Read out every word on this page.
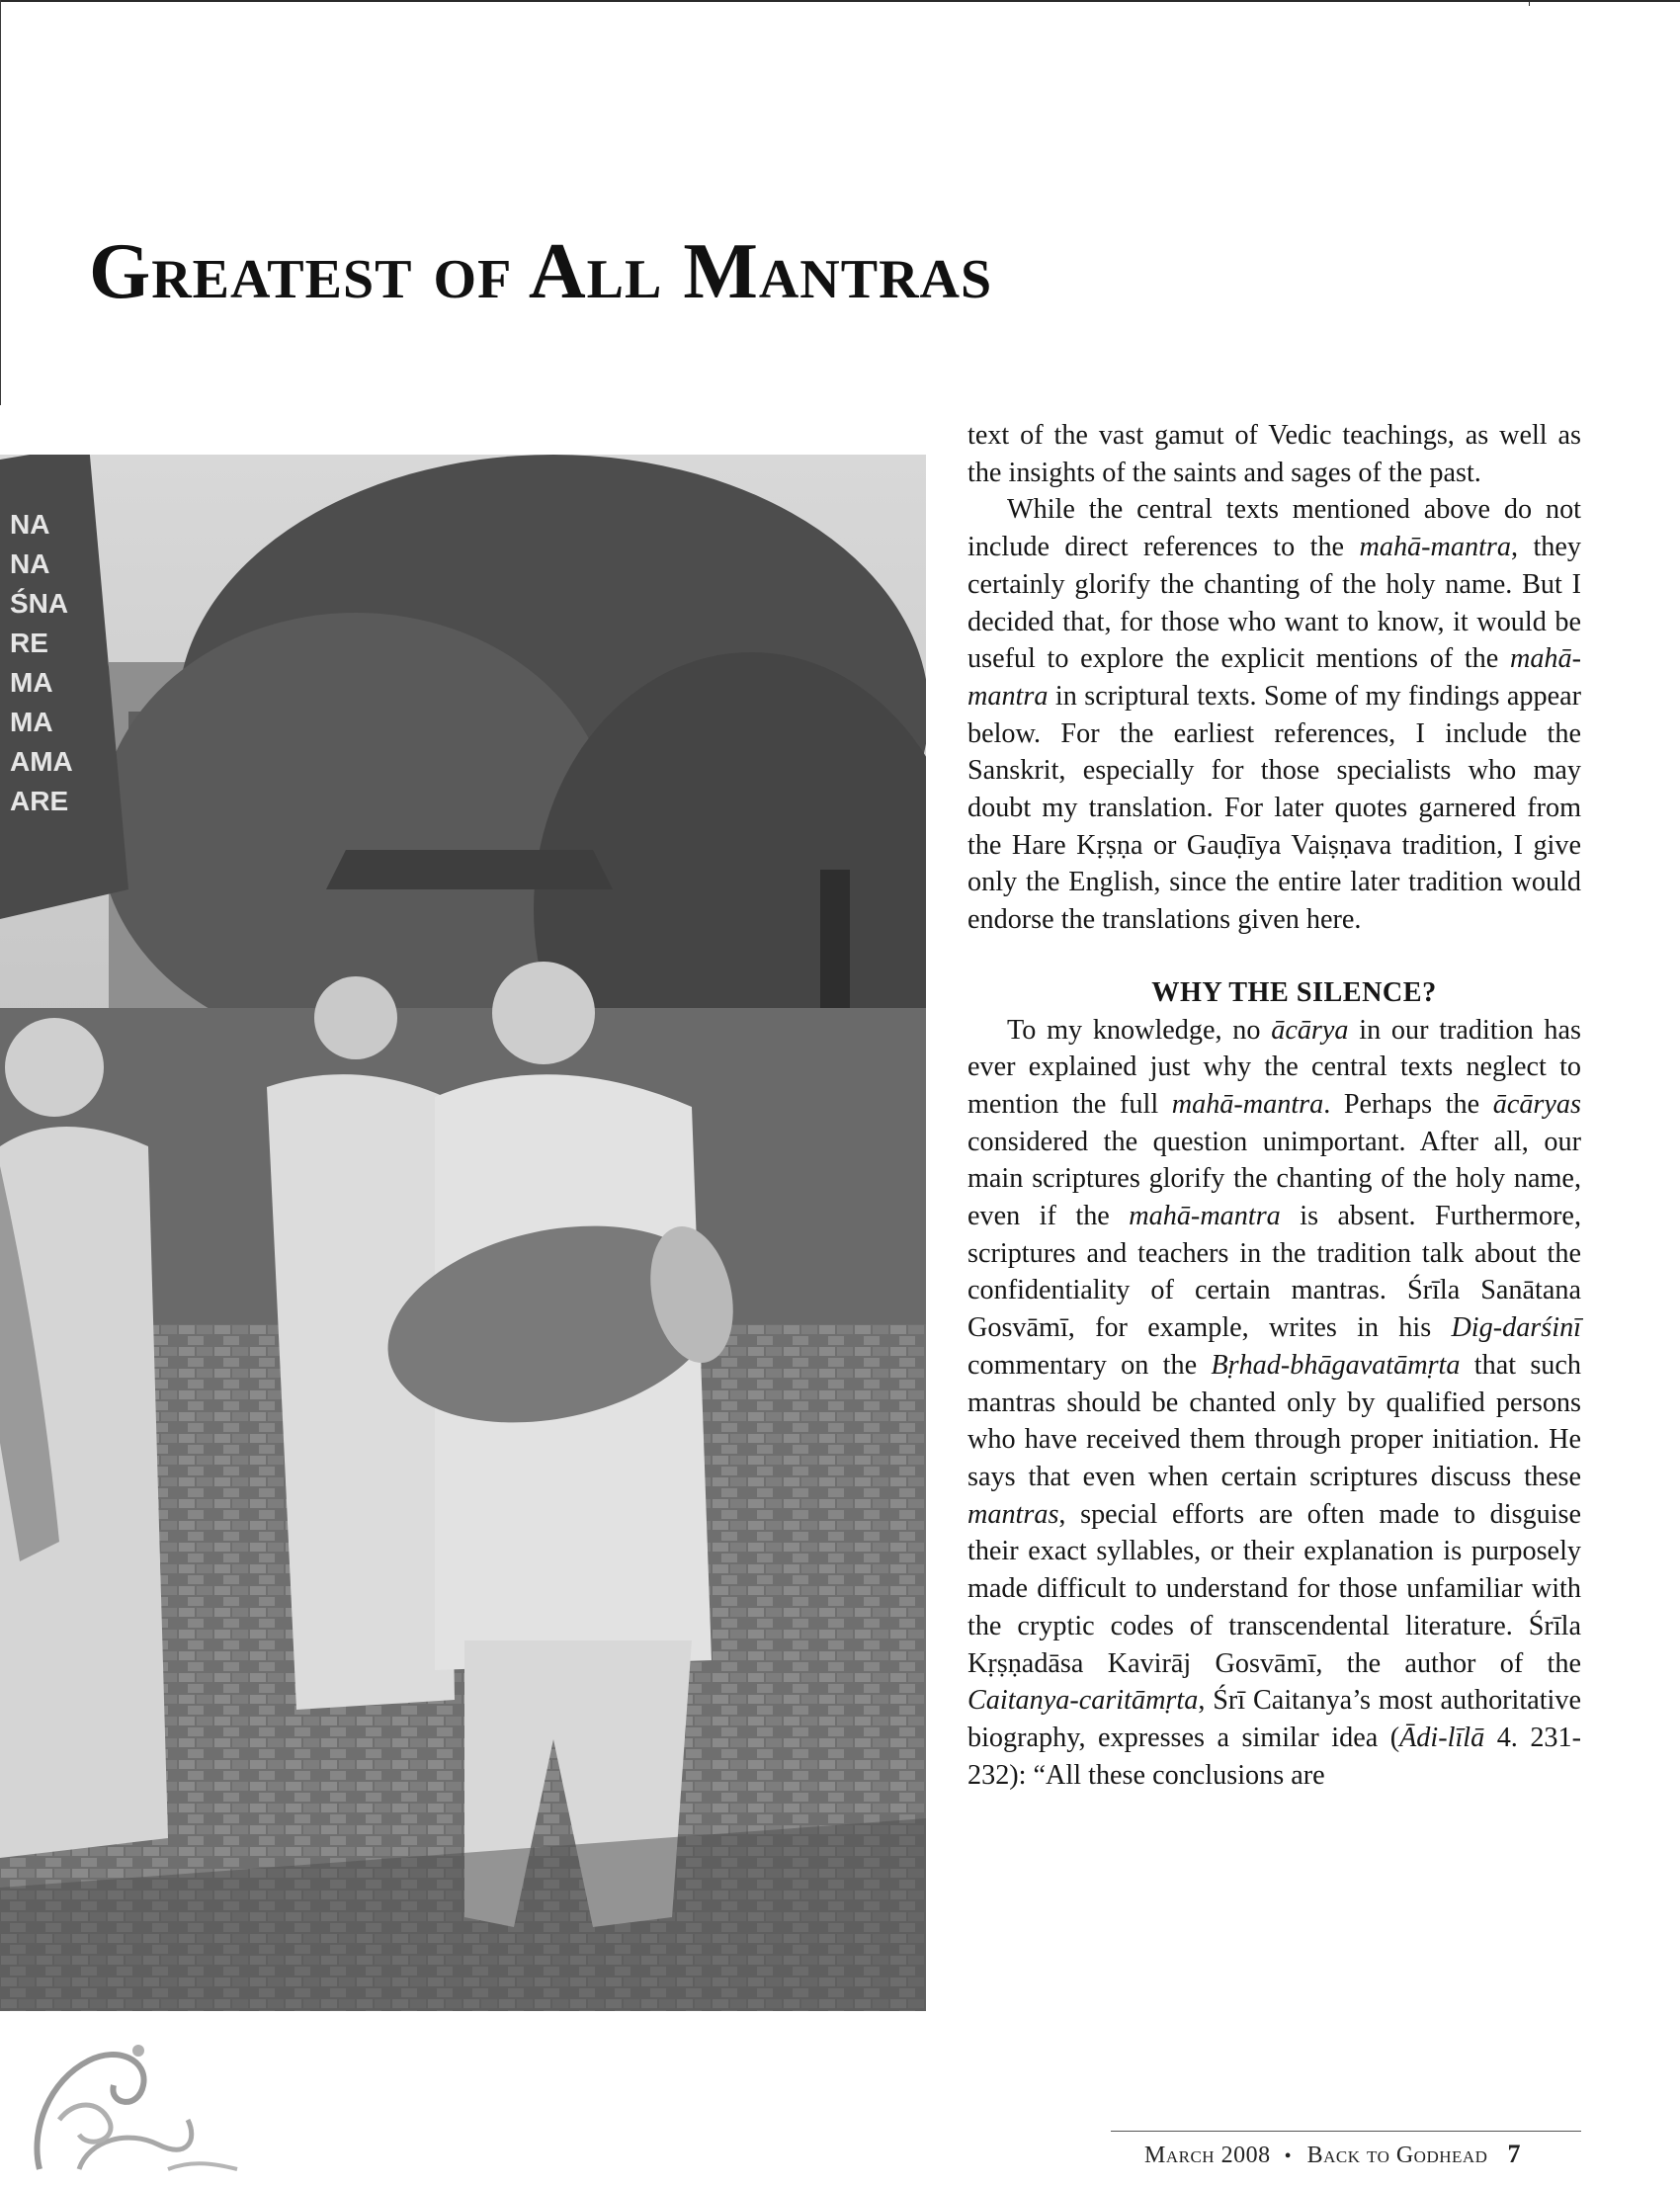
Greatest of All Mantras
NA
NA
ŚNA
RE
MA
MA
AMA
ARE

text of the vast gamut of Vedic teachings, as well as the insights of the saints and sages of the past.

While the central texts mentioned above do not include direct references to the mahā-mantra, they certainly glorify the chanting of the holy name. But I decided that, for those who want to know, it would be useful to explore the explicit mentions of the mahā-mantra in scriptural texts. Some of my findings appear below. For the earliest references, I include the Sanskrit, especially for those specialists who may doubt my translation. For later quotes garnered from the Hare Kṛṣṇa or Gauḍīya Vaiṣṇava tradition, I give only the English, since the entire later tradition would endorse the translations given here.

WHY THE SILENCE?

To my knowledge, no ācārya in our tradition has ever explained just why the central texts neglect to mention the full mahā-mantra. Perhaps the ācāryas considered the question unimportant. After all, our main scriptures glorify the chanting of the holy name, even if the mahā-mantra is absent. Furthermore, scriptures and teachers in the tradition talk about the confidentiality of certain mantras. Śrīla Sanātana Gosvāmī, for example, writes in his Dig-darśinī commentary on the Bṛhad-bhāgavatāmṛta that such mantras should be chanted only by qualified persons who have received them through proper initiation. He says that even when certain scriptures discuss these mantras, special efforts are often made to disguise their exact syllables, or their explanation is purposely made difficult to understand for those unfamiliar with the cryptic codes of transcendental literature. Śrīla Kṛṣṇadāsa Kavirāj Gosvāmī, the author of the Caitanya-caritāmṛta, Śrī Caitanya’s most authoritative biography, expresses a similar idea (Ādi-līlā 4. 231-232): “All these conclusions are

March 2008 • Back to Godhead 7
